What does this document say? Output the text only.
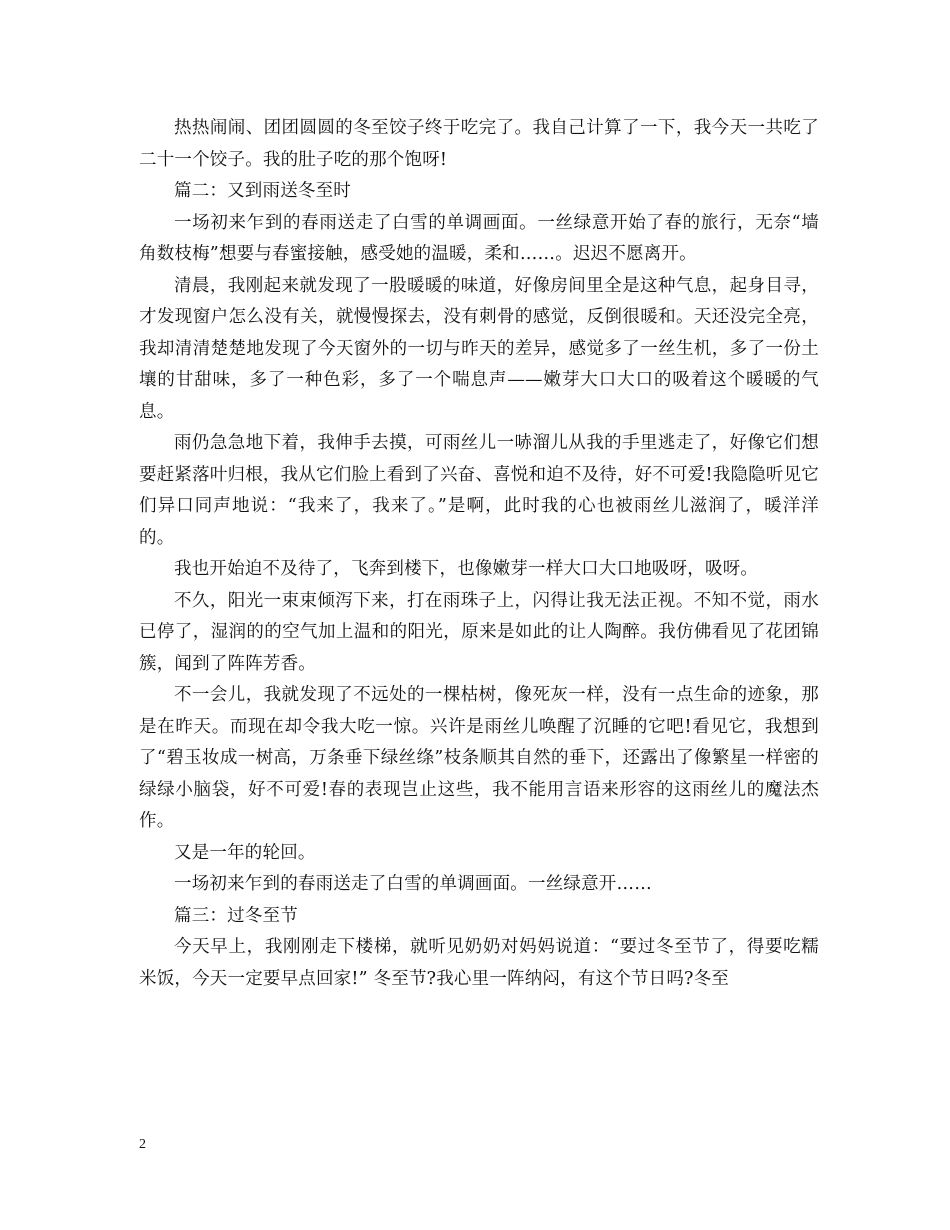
热热闹闹、团团圆圆的冬至饺子终于吃完了。我自己计算了一下，我今天一共吃了二十一个饺子。我的肚子吃的那个饱呀!

篇二：又到雨送冬至时

一场初来乍到的春雨送走了白雪的单调画面。一丝绿意开始了春的旅行，无奈“墙角数枝梅”想要与春蜜接触，感受她的温暖，柔和……。迟迟不愿离开。

清晨，我刚起来就发现了一股暖暖的味道，好像房间里全是这种气息，起身目寻，才发现窗户怎么没有关，就慢慢探去，没有刺骨的感觉，反倒很暖和。天还没完全亮，我却清清楚楚地发现了今天窗外的一切与昨天的差异，感觉多了一丝生机，多了一份土壤的甘甜味，多了一种色彩，多了一个喘息声——嫩芽大口大口的吸着这个暖暖的气息。

雨仍急急地下着，我伸手去摸，可雨丝儿一哧溜儿从我的手里逃走了，好像它们想要赶紧落叶归根，我从它们脸上看到了兴奋、喜悦和迫不及待，好不可爱!我隐隐听见它们异口同声地说：“我来了，我来了。”是啊，此时我的心也被雨丝儿滋润了，暖洋洋的。

我也开始迫不及待了，飞奔到楼下，也像嫩芽一样大口大口地吸呀，吸呀。

不久，阳光一束束倾泻下来，打在雨珠子上，闪得让我无法正视。不知不觉，雨水已停了，湿润的的空气加上温和的阳光，原来是如此的让人陶醉。我仿佛看见了花团锦簇，闻到了阵阵芳香。

不一会儿，我就发现了不远处的一棵枯树，像死灰一样，没有一点生命的迹象，那是在昨天。而现在却令我大吃一惊。兴许是雨丝儿唤醒了沉睡的它吧!看见它，我想到了“碧玉妆成一树高，万条垂下绿丝绦”枝条顺其自然的垂下，还露出了像繁星一样密的绿绿小脑袋，好不可爱!春的表现岂止这些，我不能用言语来形容的这雨丝儿的魔法杰作。

又是一年的轮回。

一场初来乍到的春雨送走了白雪的单调画面。一丝绿意开……

篇三：过冬至节

今天早上，我刚刚走下楼梯，就听见奶奶对妈妈说道：“要过冬至节了，得要吃糯米饭，今天一定要早点回家!” 冬至节?我心里一阵纳闷，有这个节日吗?冬至

2
